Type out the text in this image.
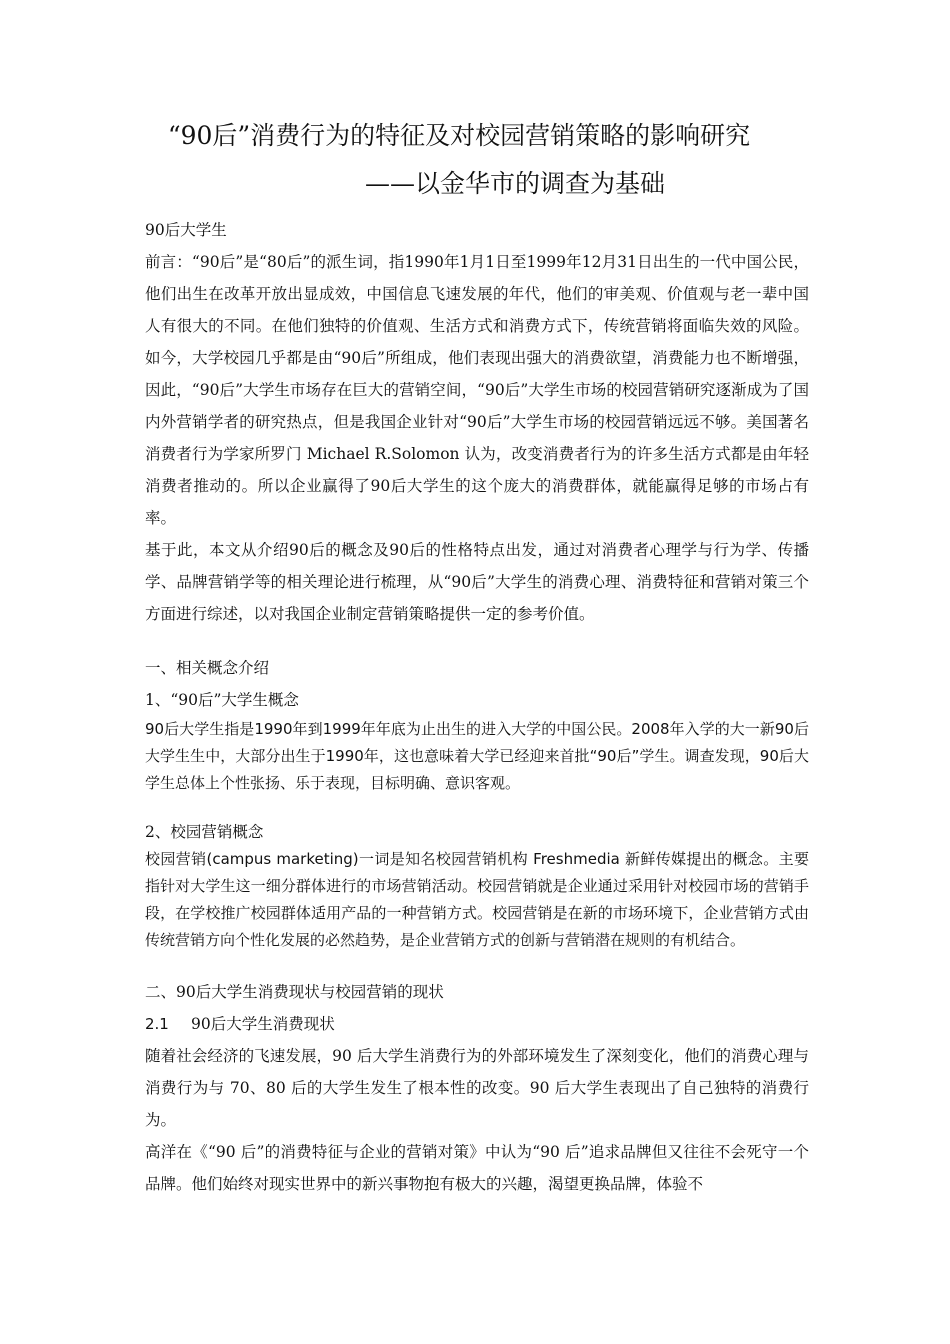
“90后”消费行为的特征及对校园营销策略的影响研究
——以金华市的调查为基础

90后大学生

前言：“90后”是“80后”的派生词，指1990年1月1日至1999年12月31日出生的一代中国公民，他们出生在改革开放出显成效，中国信息飞速发展的年代，他们的审美观、价值观与老一辈中国人有很大的不同。在他们独特的价值观、生活方式和消费方式下，传统营销将面临失效的风险。如今，大学校园几乎都是由“90后”所组成，他们表现出强大的消费欲望，消费能力也不断增强，因此，“90后”大学生市场存在巨大的营销空间，“90后”大学生市场的校园营销研究逐渐成为了国内外营销学者的研究热点，但是我国企业针对“90后”大学生市场的校园营销远远不够。美国著名消费者行为学家所罗门 Michael R.Solomon 认为，改变消费者行为的许多生活方式都是由年轻消费者推动的。所以企业赢得了90后大学生的这个庞大的消费群体，就能赢得足够的市场占有率。

基于此，本文从介绍90后的概念及90后的性格特点出发，通过对消费者心理学与行为学、传播学、品牌营销学等的相关理论进行梳理，从“90后”大学生的消费心理、消费特征和营销对策三个方面进行综述，以对我国企业制定营销策略提供一定的参考价值。

一、相关概念介绍

1、“90后”大学生概念

90后大学生指是1990年到1999年年底为止出生的进入大学的中国公民。2008年入学的大一新90后大学生生中，大部分出生于1990年，这也意味着大学已经迎来首批“90后”学生。调查发现，90后大学生总体上个性张扬、乐于表现，目标明确、意识客观。

2、校园营销概念

校园营销(campus marketing)一词是知名校园营销机构 Freshmedia 新鲜传媒提出的概念。主要指针对大学生这一细分群体进行的市场营销活动。校园营销就是企业通过采用针对校园市场的营销手段，在学校推广校园群体适用产品的一种营销方式。校园营销是在新的市场环境下，企业营销方式由传统营销方向个性化发展的必然趋势，是企业营销方式的创新与营销潜在规则的有机结合。

二、90后大学生消费现状与校园营销的现状

2.1 90后大学生消费现状

随着社会经济的飞速发展，90 后大学生消费行为的外部环境发生了深刻变化，他们的消费心理与消费行为与 70、80 后的大学生发生了根本性的改变。90 后大学生表现出了自己独特的消费行为。

高洋在《“90 后”的消费特征与企业的营销对策》中认为“90 后”追求品牌但又往往不会死守一个品牌。他们始终对现实世界中的新兴事物抱有极大的兴趣，渴望更换品牌，体验不
